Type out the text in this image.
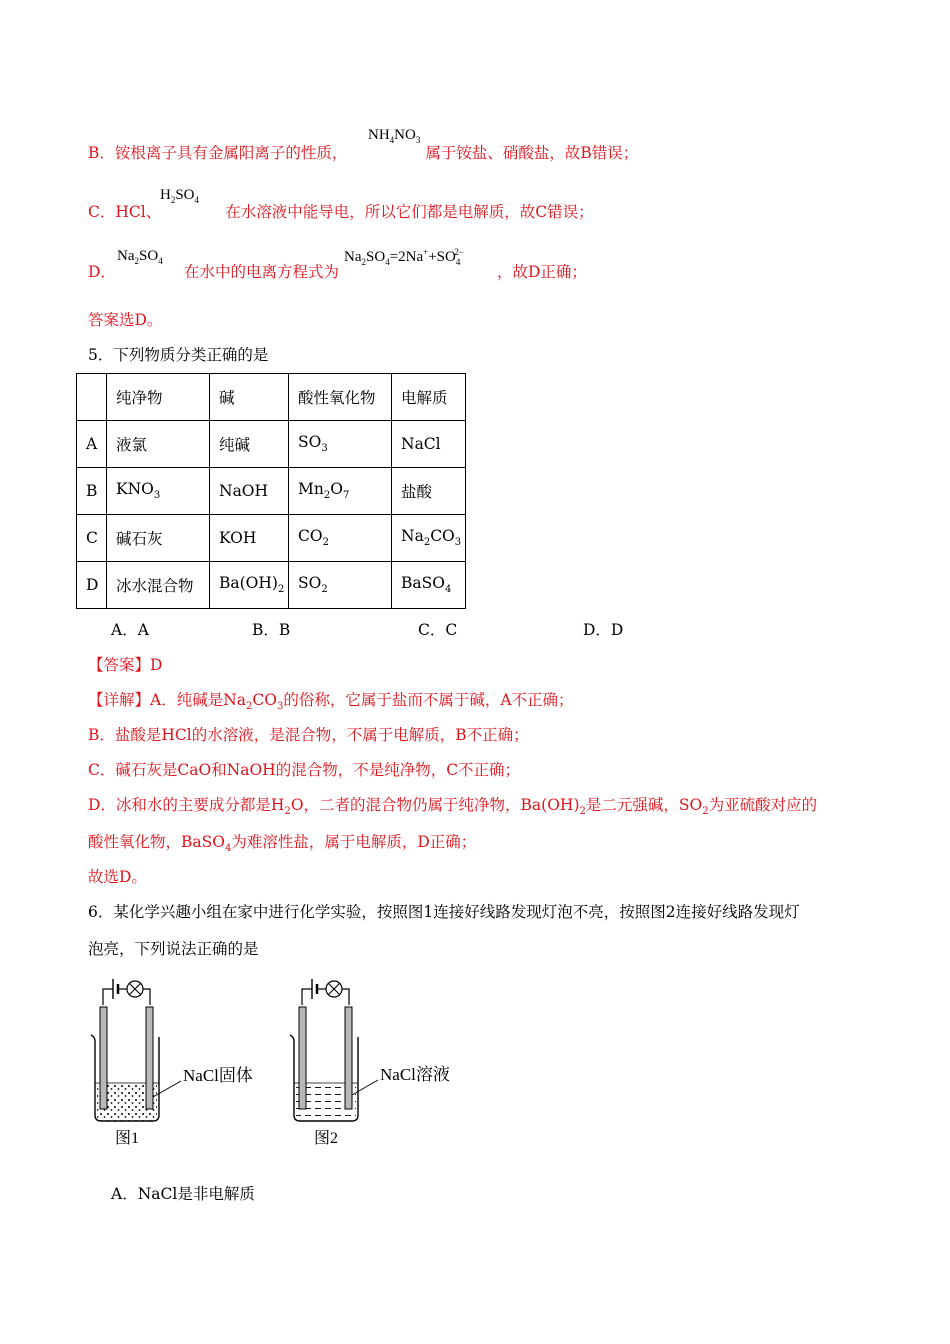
B．铵根离子具有金属阳离子的性质，	属于铵盐、硝酸盐，故B错误；
$NH_4NO_3$
C．HCl、	在水溶液中能导电，所以它们都是电解质，故C错误；
$H_2SO_4$
D．	在水中的电离方程式为	，故D正确；
$Na_2SO_4$	$Na_2SO_4=2Na^++SO_4^{2-}$
答案选D。
5．下列物质分类正确的是
	纯净物	碱	酸性氧化物	电解质
A	液氯	纯碱	$SO_3$	NaCl
B	$KNO_3$	NaOH	$Mn_2O_7$	盐酸
C	碱石灰	KOH	$CO_2$	$Na_2CO_3$
D	冰水混合物	$Ba(OH)_2$	$SO_2$	BaSO$_4$
A．A	B．B	C．C	D．D
【答案】D
【详解】A．纯碱是$Na_2CO_3$的俗称，它属于盐而不属于碱，A不正确；
B．盐酸是HCl的水溶液，是混合物，不属于电解质，B不正确；
C．碱石灰是CaO和NaOH的混合物，不是纯净物，C不正确；
D．冰和水的主要成分都是$H_2O$，二者的混合物仍属于纯净物，$Ba(OH)_2$是二元强碱，$SO_2$为亚硫酸对应的
酸性氧化物，BaSO$_4$为难溶性盐，属于电解质，D正确；
故选D。
6．某化学兴趣小组在家中进行化学实验，按照图1连接好线路发现灯泡不亮，按照图2连接好线路发现灯
泡亮，下列说法正确的是
NaCl固体
图1
NaCl溶液
图2
A．NaCl是非电解质
